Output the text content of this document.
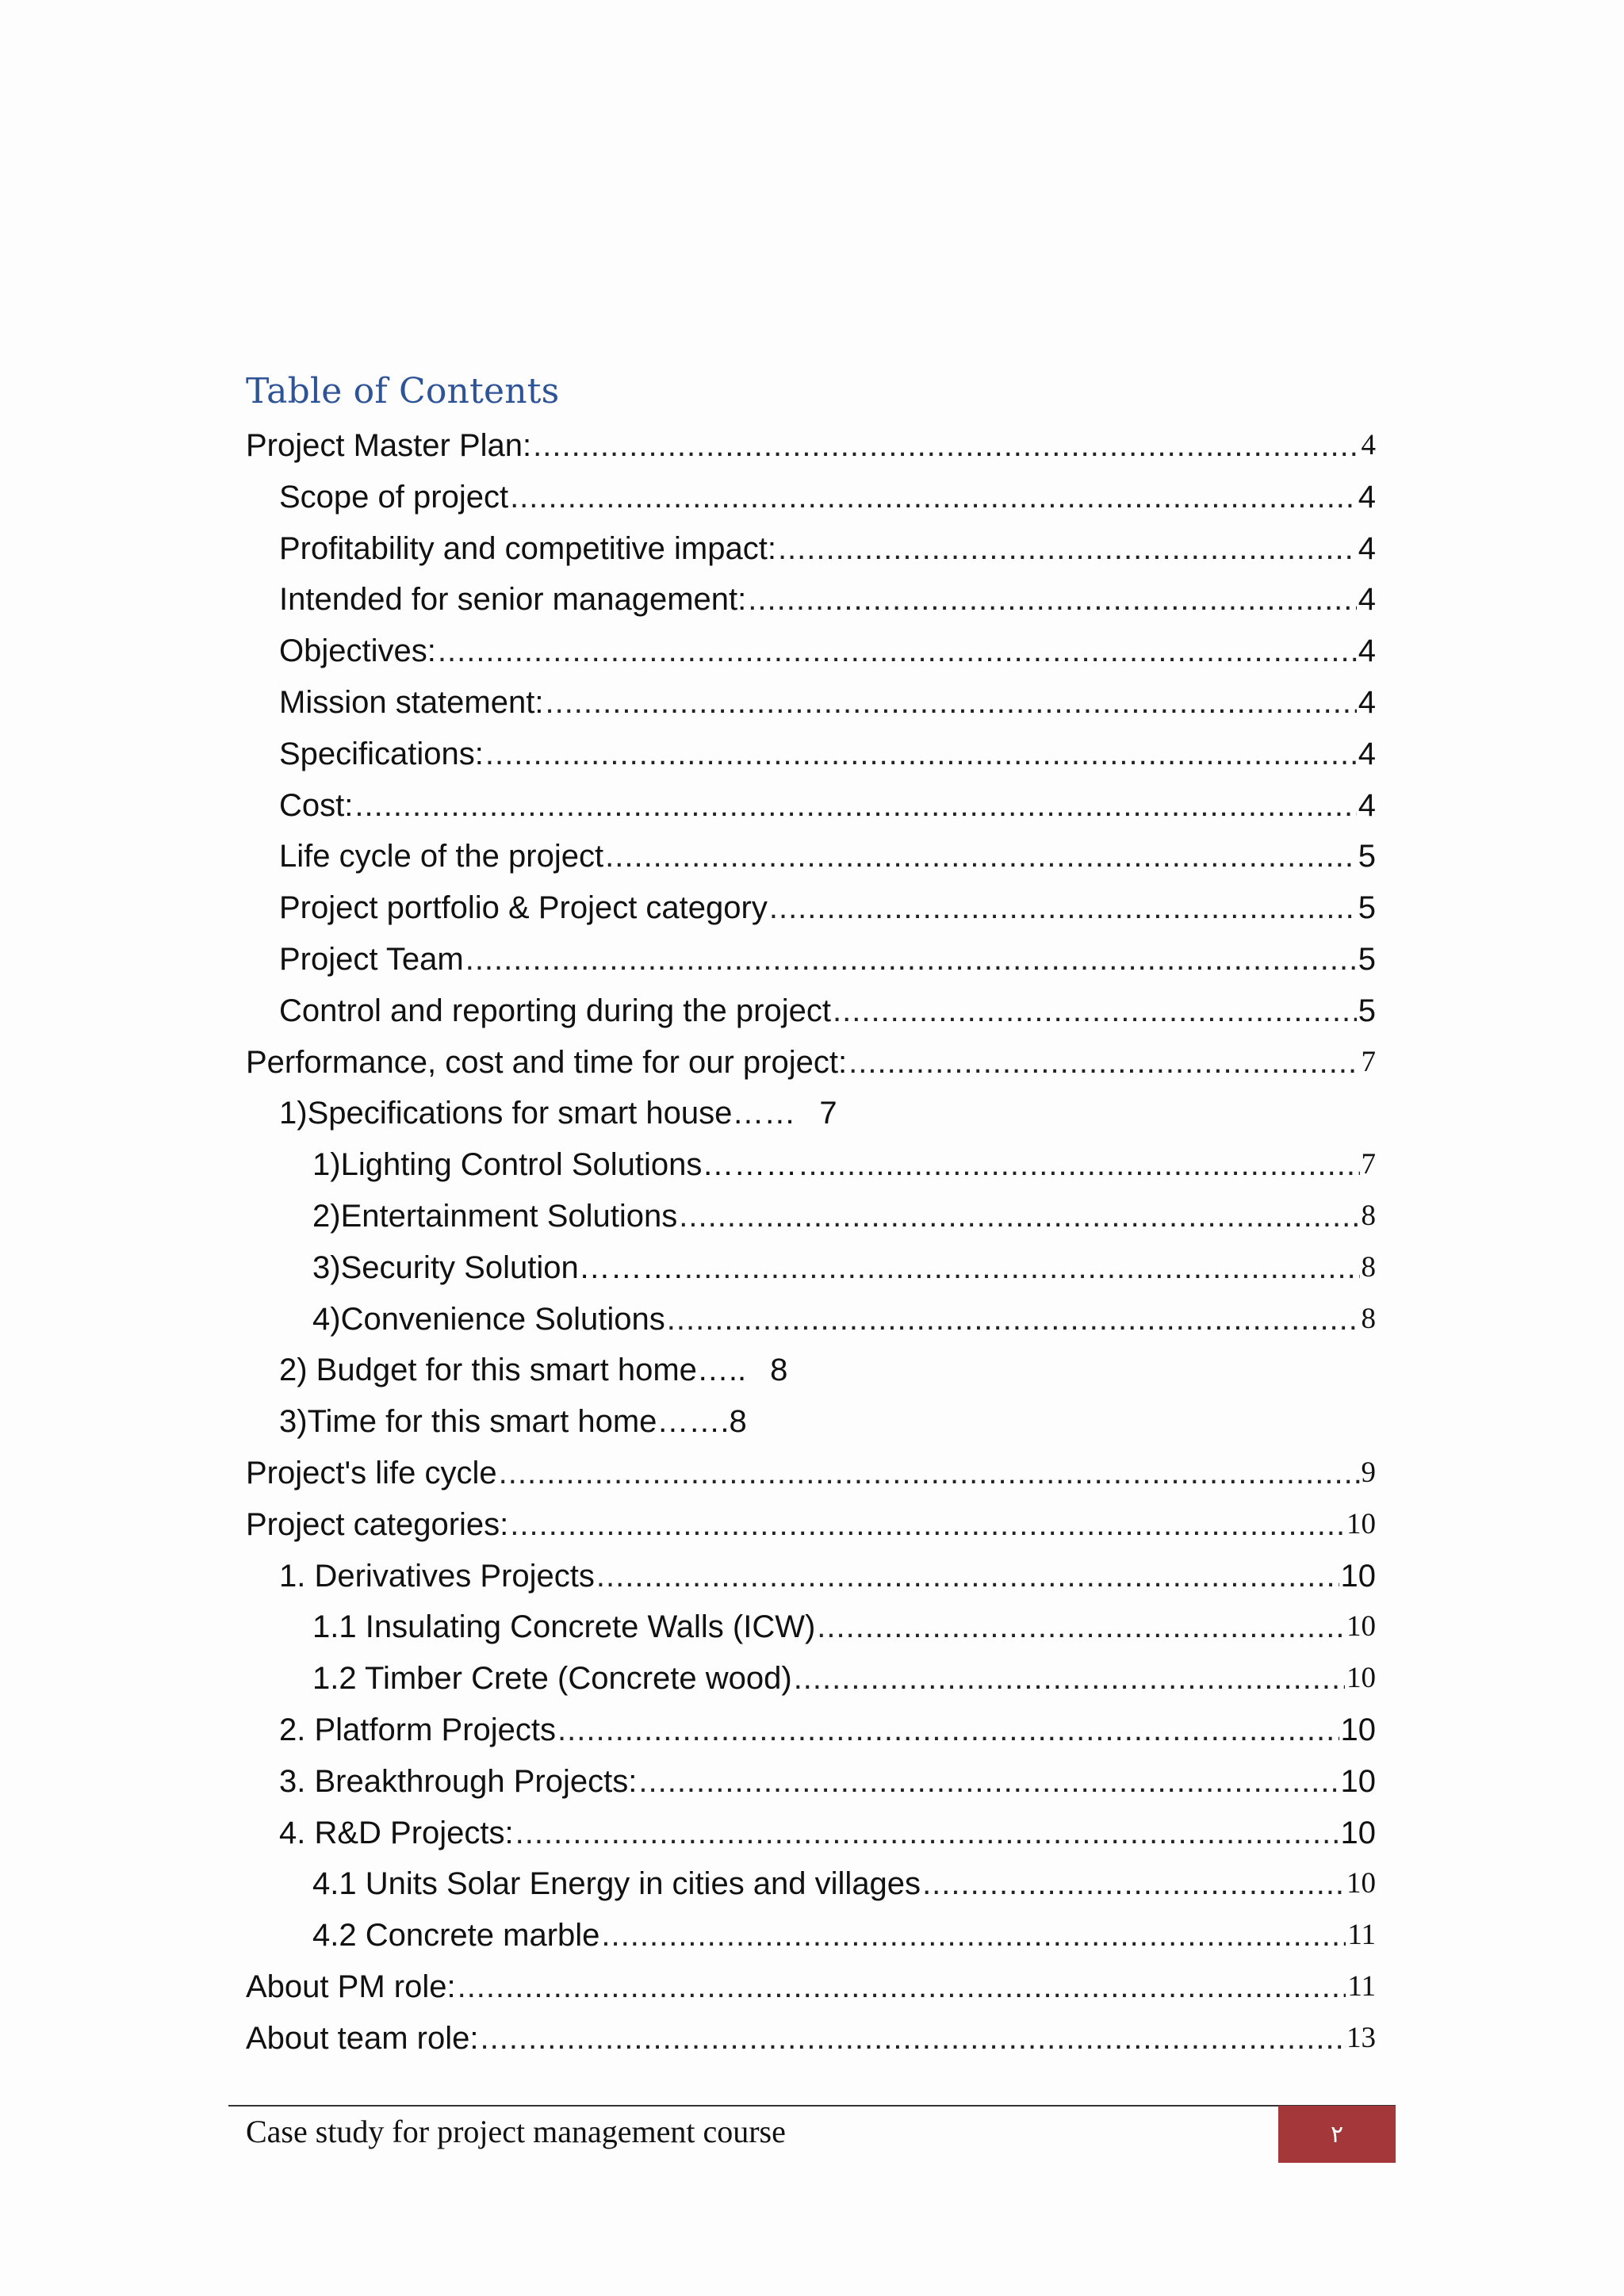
Table of Contents
Project Master Plan: .....	4
Scope of project .....	4
Profitability and competitive impact: .....	4
Intended for senior management: .....	4
Objectives: .....	4
Mission statement: .....	4
Specifications: .....	4
Cost: .....	4
Life cycle of the project .....	5
Project portfolio & Project category .....	5
Project Team .....	5
Control and reporting during the project .....	5
Performance, cost and time for our project: .....	7
1)Specifications for smart house…… 7
1)Lighting Control Solutions……… .....	7
2)Entertainment Solutions .....	8
3)Security Solution………. .....	8
4)Convenience Solutions .....	8
2) Budget for this smart home….. 8
3)Time for this smart home……. 8
Project's life cycle .....	9
Project categories: .....	10
1. Derivatives Projects .....	10
1.1 Insulating Concrete Walls (ICW) .....	10
1.2 Timber Crete (Concrete wood) .....	10
2. Platform Projects .....	10
3. Breakthrough Projects: .....	10
4. R&D Projects: .....	10
4.1 Units Solar Energy in cities and villages .....	10
4.2 Concrete marble .....	11
About PM role: .....	11
About team role: .....	13
Case study for project management course	٢
